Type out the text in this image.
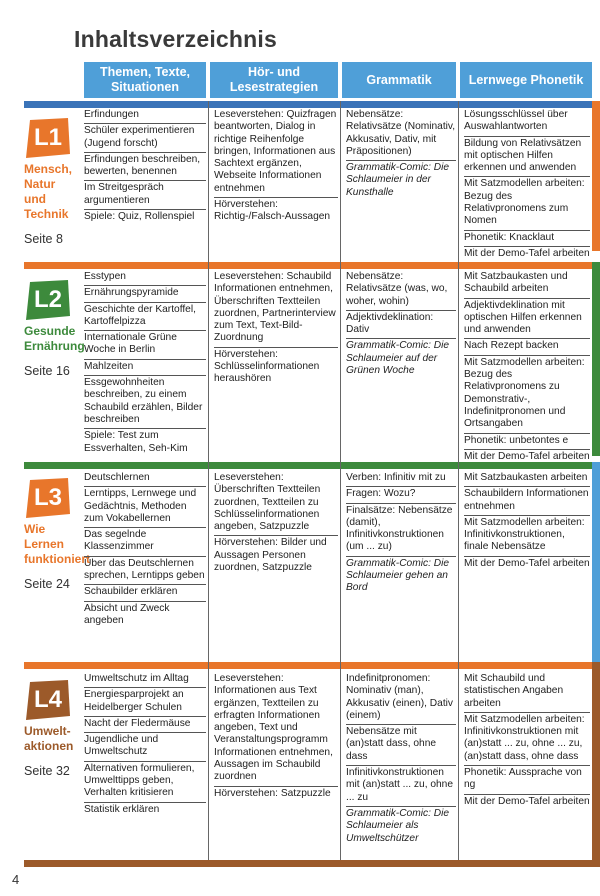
Inhaltsverzeichnis
Themen, Texte, Situationen
Hör- und Lesestrategien
Grammatik	Lernwege Phonetik
L1
Mensch, Natur und Technik
Seite 8
Erfindungen
Schüler experimentieren (Jugend forscht)
Erfindungen beschreiben, bewerten, benennen
Im Streitgespräch argumentieren
Spiele: Quiz, Rollenspiel
Leseverstehen: Quizfragen beantworten, Dialog in richtige Reihenfolge bringen, Informationen aus Sachtext ergänzen, Webseite Informationen entnehmen
Hörverstehen: Richtig-/Falsch-Aussagen
Nebensätze: Relativsätze (Nominativ, Akkusativ, Dativ, mit Präpositionen)
Grammatik-Comic: Die Schlaumeier in der Kunsthalle
Lösungsschlüssel über Auswahlantworten
Bildung von Relativsätzen mit optischen Hilfen erkennen und anwenden
Mit Satzmodellen arbeiten: Bezug des Relativpronomens zum Nomen
Phonetik: Knacklaut
Mit der Demo-Tafel arbeiten
L2
Gesunde Ernährung
Seite 16
Esstypen
Ernährungspyramide
Geschichte der Kartoffel, Kartoffelpizza
Internationale Grüne Woche in Berlin
Mahlzeiten
Essgewohnheiten beschreiben, zu einem Schaubild erzählen, Bilder beschreiben
Spiele: Test zum Essverhalten, Seh-Kim
Leseverstehen: Schaubild Informationen entnehmen, Überschriften Textteilen zuordnen, Partnerinterview zum Text, Text-Bild-Zuordnung
Hörverstehen: Schlüsselinformationen heraushören
Nebensätze: Relativsätze (was, wo, woher, wohin)
Adjektivdeklination: Dativ
Grammatik-Comic: Die Schlaumeier auf der Grünen Woche
Mit Satzbaukasten und Schaubild arbeiten
Adjektivdeklination mit optischen Hilfen erkennen und anwenden
Nach Rezept backen
Mit Satzmodellen arbeiten: Bezug des Relativpronomens zu Demonstrativ-, Indefinitpronomen und Ortsangaben
Phonetik: unbetontes e
Mit der Demo-Tafel arbeiten
L3
Wie Lernen funktioniert
Seite 24
Deutschlernen
Lerntipps, Lernwege und Gedächtnis, Methoden zum Vokabellernen
Das segelnde Klassenzimmer
Über das Deutschlernen sprechen, Lerntipps geben
Schaubilder erklären
Absicht und Zweck angeben
Leseverstehen: Überschriften Textteilen zuordnen, Textteilen zu Schlüsselinformationen angeben, Satzpuzzle
Hörverstehen: Bilder und Aussagen Personen zuordnen, Satzpuzzle
Verben: Infinitiv mit zu
Fragen: Wozu?
Finalsätze: Nebensätze (damit), Infinitivkonstruktionen (um ... zu)
Grammatik-Comic: Die Schlaumeier gehen an Bord
Mit Satzbaukasten arbeiten
Schaubildern Informationen entnehmen
Mit Satzmodellen arbeiten: Infinitivkonstruktionen, finale Nebensätze
Mit der Demo-Tafel arbeiten
L4
Umwelt-aktionen
Seite 32
Umweltschutz im Alltag
Energiesparprojekt an Heidelberger Schulen
Nacht der Fledermäuse
Jugendliche und Umweltschutz
Alternativen formulieren, Umwelttipps geben, Verhalten kritisieren
Statistik erklären
Leseverstehen: Informationen aus Text ergänzen, Textteilen zu erfragten Informationen angeben, Text und Veranstaltungsprogramm Informationen entnehmen, Aussagen im Schaubild zuordnen
Hörverstehen: Satzpuzzle
Indefinitpronomen: Nominativ (man), Akkusativ (einen), Dativ (einem)
Nebensätze mit (an)statt dass, ohne dass
Infinitivkonstruktionen mit (an)statt ... zu, ohne ... zu
Grammatik-Comic: Die Schlaumeier als Umweltschützer
Mit Schaubild und statistischen Angaben arbeiten
Mit Satzmodellen arbeiten: Infinitivkonstruktionen mit (an)statt ... zu, ohne ... zu, (an)statt dass, ohne dass
Phonetik: Aussprache von ng
Mit der Demo-Tafel arbeiten
4
